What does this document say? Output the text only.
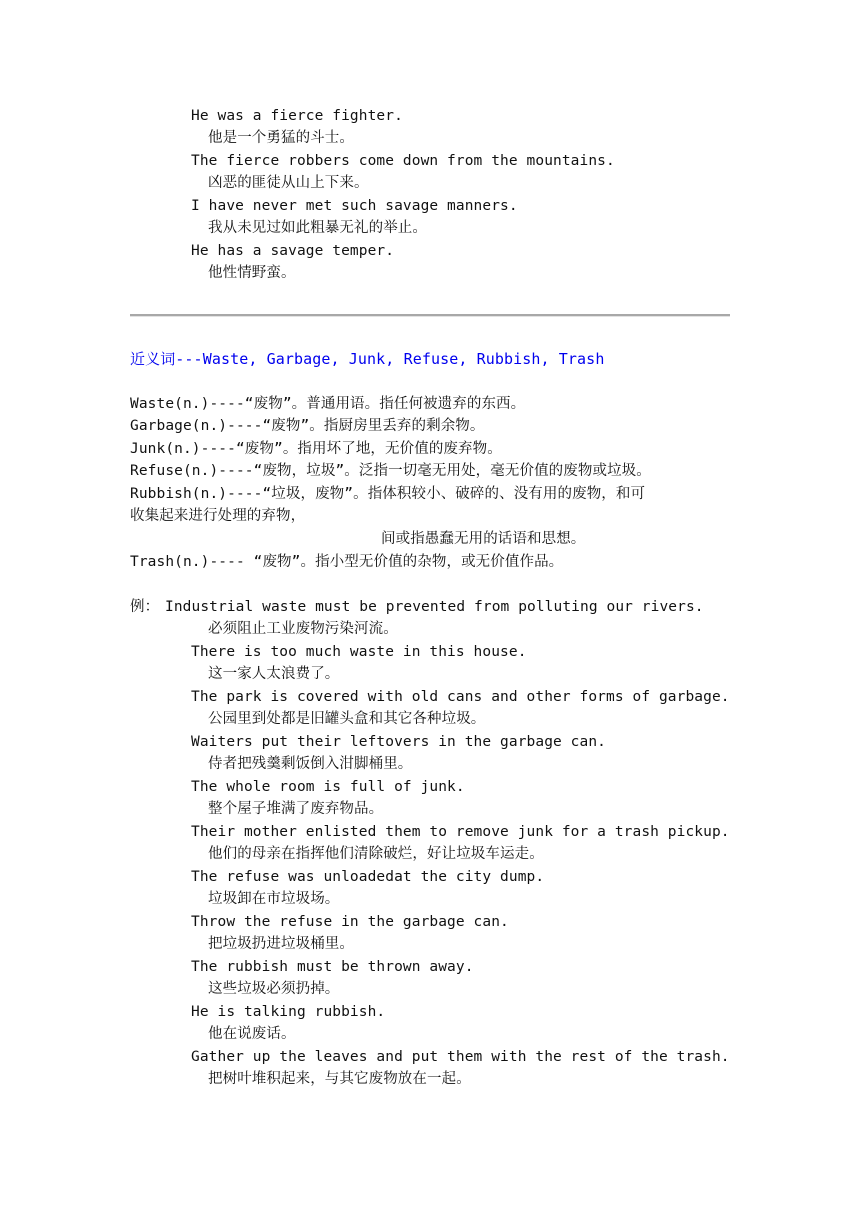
He was a fierce fighter.
他是一个勇猛的斗士。
The fierce robbers come down from the mountains.
凶恶的匪徒从山上下来。
I have never met such savage manners.
我从未见过如此粗暴无礼的举止。
He has a savage temper.
他性情野蛮。
近义词---Waste, Garbage, Junk, Refuse, Rubbish, Trash
Waste(n.)----“废物”。普通用语。指任何被遗弃的东西。
Garbage(n.)----“废物”。指厨房里丢弃的剩余物。
Junk(n.)----“废物”。指用坏了地，无价值的废弃物。
Refuse(n.)----“废物，垃圾”。泛指一切毫无用处，毫无价值的废物或垃圾。
Rubbish(n.)----“垃圾，废物”。指体积较小、破碎的、没有用的废物，和可
收集起来进行处理的弃物，
间或指愚蠢无用的话语和思想。
Trash(n.)---- “废物”。指小型无价值的杂物，或无价值作品。
例： Industrial waste must be prevented from polluting our rivers.
必须阻止工业废物污染河流。
There is too much waste in this house.
这一家人太浪费了。
The park is covered with old cans and other forms of garbage.
公园里到处都是旧罐头盒和其它各种垃圾。
Waiters put their leftovers in the garbage can.
侍者把残羹剩饭倒入泔脚桶里。
The whole room is full of junk.
整个屋子堆满了废弃物品。
Their mother enlisted them to remove junk for a trash pickup.
他们的母亲在指挥他们清除破烂，好让垃圾车运走。
The refuse was unloadedat the city dump.
垃圾卸在市垃圾场。
Throw the refuse in the garbage can.
把垃圾扔进垃圾桶里。
The rubbish must be thrown away.
这些垃圾必须扔掉。
He is talking rubbish.
他在说废话。
Gather up the leaves and put them with the rest of the trash.
把树叶堆积起来，与其它废物放在一起。
